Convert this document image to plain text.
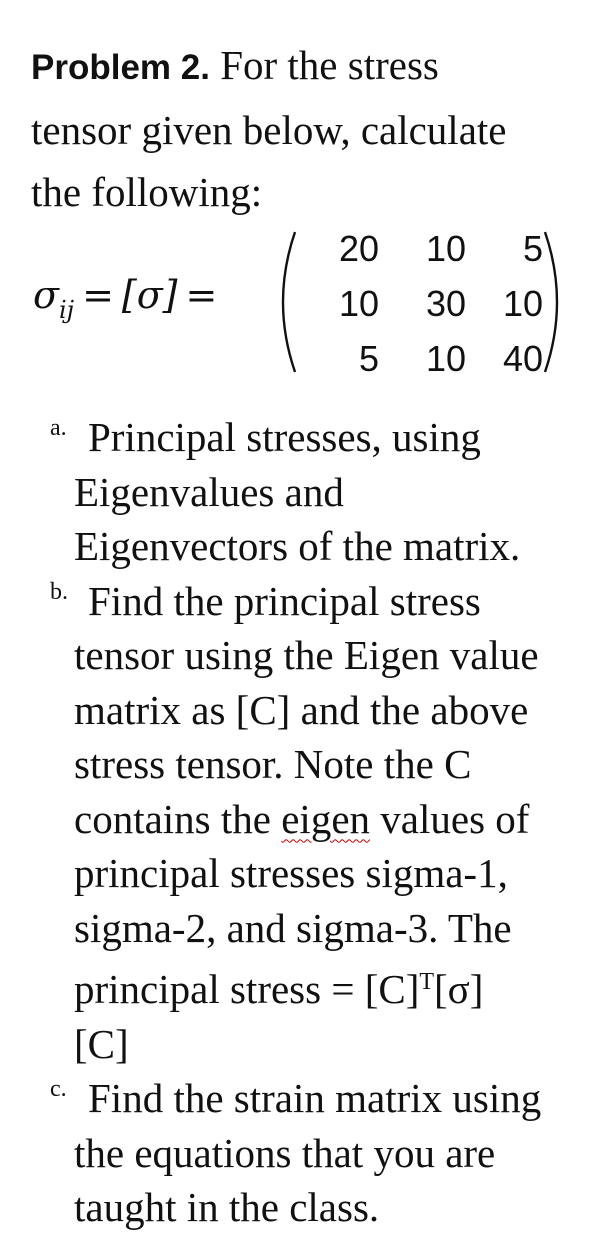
Problem 2. For the stress
tensor given below, calculate
the following:
$\sigma_{ij} = [\sigma]$ =
20 10 5
10 30 10
5 10 40
a. Principal stresses, using
Eigenvalues and
Eigenvectors of the matrix.
b. Find the principal stress
tensor using the Eigen value
matrix as [C] and the above
stress tensor. Note the C
contains the eigen values of
principal stresses sigma-1,
sigma-2, and sigma-3. The
principal stress = $[C]^T[\sigma]$
[C]
c. Find the strain matrix using
the equations that you are
taught in the class.
